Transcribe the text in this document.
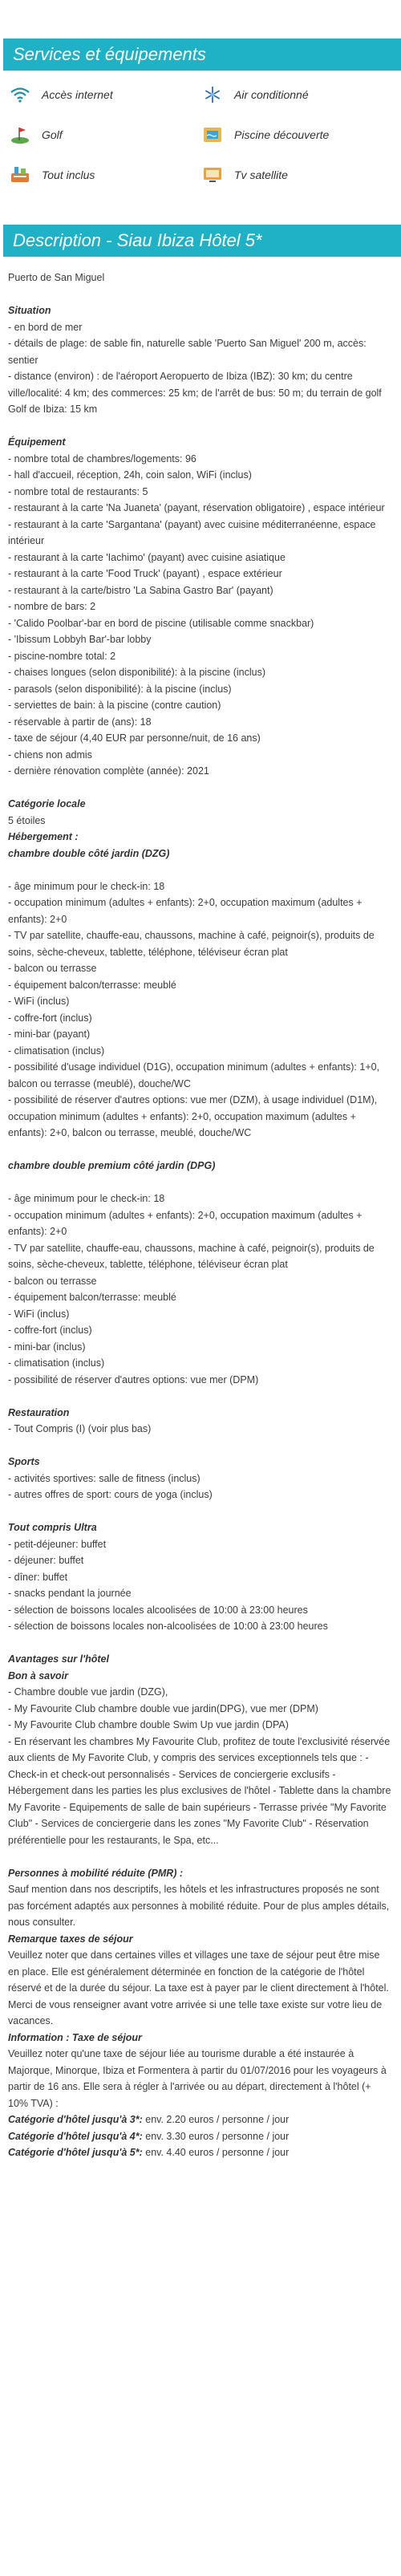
Services et équipements
Accès internet	Air conditionné
Golf	Piscine découverte
Tout inclus	Tv satellite
Description - Siau Ibiza Hôtel 5*

Puerto de San Miguel

Situation

- en bord de mer

- détails de plage: de sable fin, naturelle sable 'Puerto San Miguel' 200 m, accès: sentier

- distance (environ) : de l'aéroport Aeropuerto de Ibiza (IBZ): 30 km; du centre ville/localité: 4 km; des commerces: 25 km; de l'arrêt de bus: 50 m; du terrain de golf Golf de Ibiza: 15 km

Équipement

- nombre total de chambres/logements: 96

- hall d'accueil, réception, 24h, coin salon, WiFi (inclus)

- nombre total de restaurants: 5

- restaurant à la carte 'Na Juaneta' (payant, réservation obligatoire) , espace intérieur

- restaurant à la carte 'Sargantana' (payant) avec cuisine méditerranéenne, espace intérieur

- restaurant à la carte 'Iachimo' (payant) avec cuisine asiatique

- restaurant à la carte 'Food Truck' (payant) , espace extérieur

- restaurant à la carte/bistro 'La Sabina Gastro Bar' (payant)

- nombre de bars: 2

- 'Calido Poolbar'-bar en bord de piscine (utilisable comme snackbar)

- 'Ibissum Lobbyh Bar'-bar lobby

- piscine-nombre total: 2

- chaises longues (selon disponibilité): à la piscine (inclus)

- parasols (selon disponibilité): à la piscine (inclus)

- serviettes de bain: à la piscine (contre caution)

- réservable à partir de (ans): 18

- taxe de séjour (4,40 EUR par personne/nuit, de 16 ans)

- chiens non admis

- dernière rénovation complète (année): 2021

Catégorie locale

5 étoiles

Hébergement :

chambre double côté jardin (DZG)

- âge minimum pour le check-in: 18

- occupation minimum (adultes + enfants): 2+0, occupation maximum (adultes + enfants): 2+0

- TV par satellite, chauffe-eau, chaussons, machine à café, peignoir(s), produits de soins, sèche-cheveux, tablette, téléphone, téléviseur écran plat

- balcon ou terrasse

- équipement balcon/terrasse: meublé

- WiFi (inclus)

- coffre-fort (inclus)

- mini-bar (payant)

- climatisation (inclus)

- possibilité d'usage individuel (D1G), occupation minimum (adultes + enfants): 1+0, balcon ou terrasse (meublé), douche/WC

- possibilité de réserver d'autres options: vue mer (DZM), à usage individuel (D1M), occupation minimum (adultes + enfants): 2+0, occupation maximum (adultes + enfants): 2+0, balcon ou terrasse, meublé, douche/WC

chambre double premium côté jardin (DPG)

- âge minimum pour le check-in: 18

- occupation minimum (adultes + enfants): 2+0, occupation maximum (adultes + enfants): 2+0

- TV par satellite, chauffe-eau, chaussons, machine à café, peignoir(s), produits de soins, sèche-cheveux, tablette, téléphone, téléviseur écran plat

- balcon ou terrasse

- équipement balcon/terrasse: meublé

- WiFi (inclus)

- coffre-fort (inclus)

- mini-bar (inclus)

- climatisation (inclus)

- possibilité de réserver d'autres options: vue mer (DPM)

Restauration

- Tout Compris (I) (voir plus bas)

Sports

- activités sportives: salle de fitness (inclus)

- autres offres de sport: cours de yoga (inclus)

Tout compris Ultra

- petit-déjeuner: buffet

- déjeuner: buffet

- dîner: buffet

- snacks pendant la journée

- sélection de boissons locales alcoolisées de 10:00 à 23:00 heures

- sélection de boissons locales non-alcoolisées de 10:00 à 23:00 heures

Avantages sur l'hôtel

Bon à savoir

- Chambre double vue jardin (DZG),

- My Favourite Club chambre double vue jardin(DPG), vue mer (DPM)

- My Favourite Club chambre double Swim Up vue jardin (DPA)

- En réservant les chambres My Favourite Club, profitez de toute l'exclusivité réservée aux clients de My Favorite Club, y compris des services exceptionnels tels que : - Check-in et check-out personnalisés - Services de conciergerie exclusifs - Hébergement dans les parties les plus exclusives de l'hôtel - Tablette dans la chambre My Favorite - Equipements de salle de bain supérieurs - Terrasse privée "My Favorite Club" - Services de conciergerie dans les zones "My Favorite Club" - Réservation préférentielle pour les restaurants, le Spa, etc...

Personnes à mobilité réduite (PMR) :

Sauf mention dans nos descriptifs, les hôtels et les infrastructures proposés ne sont pas forcément adaptés aux personnes à mobilité réduite. Pour de plus amples détails, nous consulter.

Remarque taxes de séjour

Veuillez noter que dans certaines villes et villages une taxe de séjour peut être mise en place. Elle est généralement déterminée en fonction de la catégorie de l'hôtel réservé et de la durée du séjour. La taxe est à payer par le client directement à l'hôtel.

Merci de vous renseigner avant votre arrivée si une telle taxe existe sur votre lieu de vacances.

Information : Taxe de séjour

Veuillez noter qu'une taxe de séjour liée au tourisme durable a été instaurée à Majorque, Minorque, Ibiza et Formentera à partir du 01/07/2016 pour les voyageurs à partir de 16 ans. Elle sera à régler à l'arrivée ou au départ, directement à l'hôtel (+ 10% TVA) :

Catégorie d'hôtel jusqu'à 3*: env. 2.20 euros / personne / jour

Catégorie d'hôtel jusqu'à 4*: env. 3.30 euros / personne / jour

Catégorie d'hôtel jusqu'à 5*: env. 4.40 euros / personne / jour
